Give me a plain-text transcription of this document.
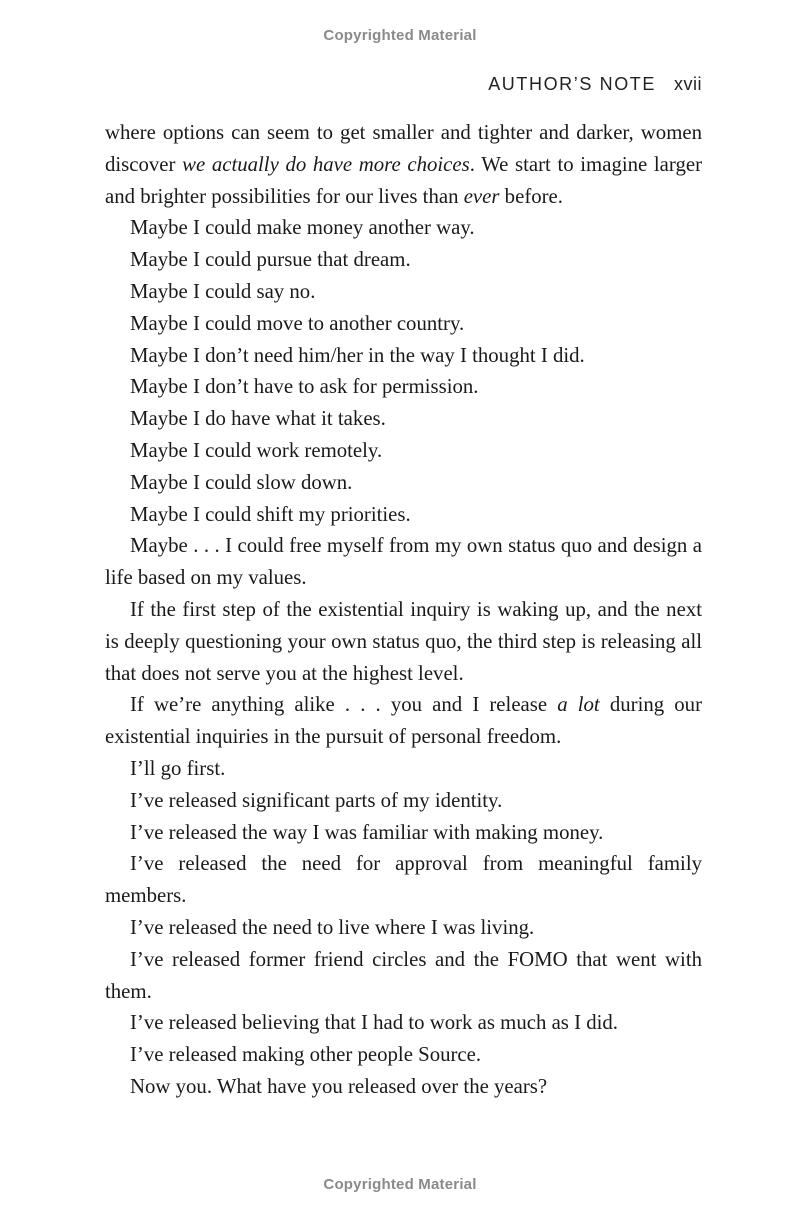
Copyrighted Material
AUTHOR’S NOTE xvii

where options can seem to get smaller and tighter and darker, women discover we actually do have more choices. We start to imagine larger and brighter possibilities for our lives than ever before.

Maybe I could make money another way.

Maybe I could pursue that dream.

Maybe I could say no.

Maybe I could move to another country.

Maybe I don’t need him/her in the way I thought I did.

Maybe I don’t have to ask for permission.

Maybe I do have what it takes.

Maybe I could work remotely.

Maybe I could slow down.

Maybe I could shift my priorities.

Maybe . . . I could free myself from my own status quo and design a life based on my values.

If the first step of the existential inquiry is waking up, and the next is deeply questioning your own status quo, the third step is releasing all that does not serve you at the highest level.

If we’re anything alike . . . you and I release a lot during our existential inquiries in the pursuit of personal freedom.

I’ll go first.

I’ve released significant parts of my identity.

I’ve released the way I was familiar with making money.

I’ve released the need for approval from meaningful family members.

I’ve released the need to live where I was living.

I’ve released former friend circles and the FOMO that went with them.

I’ve released believing that I had to work as much as I did.

I’ve released making other people Source.

Now you. What have you released over the years?

Copyrighted Material
